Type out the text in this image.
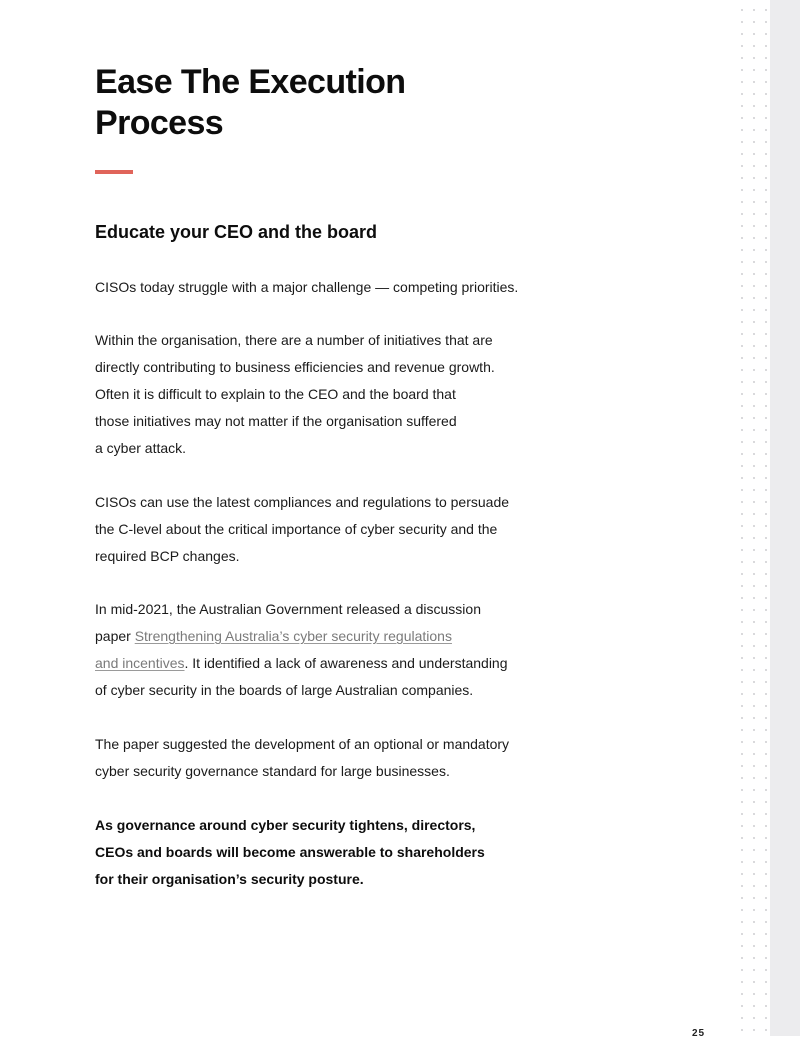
Ease The Execution
Process
Educate your CEO and the board

CISOs today struggle with a major challenge — competing priorities.

Within the organisation, there are a number of initiatives that are
directly contributing to business efficiencies and revenue growth.
Often it is difficult to explain to the CEO and the board that
those initiatives may not matter if the organisation suffered
a cyber attack.

CISOs can use the latest compliances and regulations to persuade
the C-level about the critical importance of cyber security and the
required BCP changes.

In mid-2021, the Australian Government released a discussion
paper Strengthening Australia’s cyber security regulations
and incentives. It identified a lack of awareness and understanding
of cyber security in the boards of large Australian companies.

The paper suggested the development of an optional or mandatory
cyber security governance standard for large businesses.

As governance around cyber security tightens, directors,
CEOs and boards will become answerable to shareholders
for their organisation’s security posture.

25
